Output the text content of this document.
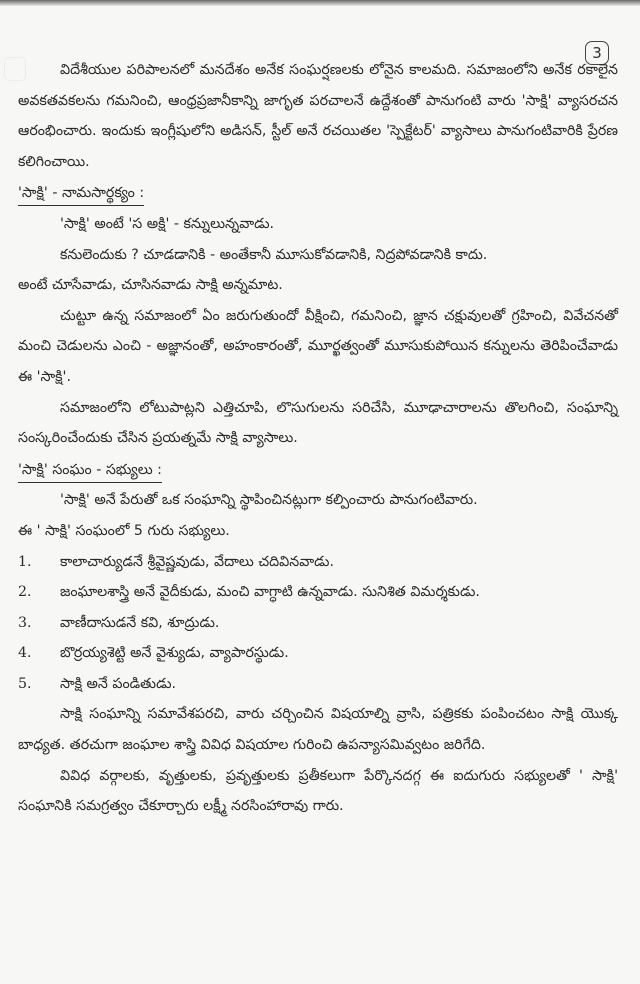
3

విదేశీయుల పరిపాలనలో మనదేశం అనేక సంఘర్షణలకు లోనైన కాలమది. సమాజంలోని అనేక రకాలైన అవకతవకలను గమనించి, ఆంధ్రప్రజానీకాన్ని జాగృత పరచాలనే ఉద్దేశంతో పానుగంటి వారు 'సాక్షి' వ్యాసరచన ఆరంభించారు. ఇందుకు ఇంగ్లీషులోని అడిసన్, స్టీల్ అనే రచయితల 'స్పెక్టేటర్' వ్యాసాలు పానుగంటివారికి ప్రేరణ కలిగించాయి.

'సాక్షి' - నామసార్థక్యం :

'సాక్షి' అంటే 'స అక్షి' - కన్నులున్నవాడు.

కనులెందుకు ? చూడడానికి - అంతేకానీ మూసుకోవడానికి, నిద్రపోవడానికి కాదు.

అంటే చూసేవాడు, చూసినవాడు సాక్షి అన్నమాట.

చుట్టూ ఉన్న సమాజంలో ఏం జరుగుతుందో వీక్షించి, గమనించి, జ్ఞాన చక్షువులతో గ్రహించి, వివేచనతో మంచి చెడులను ఎంచి - అజ్ఞానంతో, అహంకారంతో, మూర్ఖత్వంతో మూసుకుపోయిన కన్నులను తెరిపించేవాడు ఈ 'సాక్షి'.

సమాజంలోని లోటుపాట్లని ఎత్తిచూపి, లొసుగులను సరిచేసి, మూఢాచారాలను తొలగించి, సంఘాన్ని సంస్కరించేందుకు చేసిన ప్రయత్నమే సాక్షి వ్యాసాలు.

'సాక్షి' సంఘం - సభ్యులు :

'సాక్షి' అనే పేరుతో ఒక సంఘాన్ని స్థాపించినట్లుగా కల్పించారు పానుగంటివారు.

ఈ ' సాక్షి' సంఘంలో 5 గురు సభ్యులు.

1.	కాలాచార్యుడనే శ్రీవైష్ణవుడు, వేదాలు చదివినవాడు.
2.	జంఘాలశాస్త్రి అనే వైదీకుడు, మంచి వాగ్ధాటి ఉన్నవాడు. సునిశిత విమర్శకుడు.
3.	వాణీదాసుడనే కవి, శూద్రుడు.
4.	బొర్రయ్యశెట్టి అనే వైశ్యుడు, వ్యాపారస్థుడు.
5.	సాక్షి అనే పండితుడు.

సాక్షి సంఘాన్ని సమావేశపరచి, వారు చర్చించిన విషయాల్ని వ్రాసి, పత్రికకు పంపించటం సాక్షి యొక్క బాధ్యత. తరచుగా జంఘాల శాస్త్రి వివిధ విషయాల గురించి ఉపన్యాసమివ్వటం జరిగేది.

వివిధ వర్గాలకు, వృత్తులకు, ప్రవృత్తులకు ప్రతీకలుగా పేర్కొనదగ్గ ఈ ఐదుగురు సభ్యులతో ' సాక్షి' సంఘానికి సమగ్రత్వం చేకూర్చారు లక్ష్మీ నరసింహారావు గారు.
